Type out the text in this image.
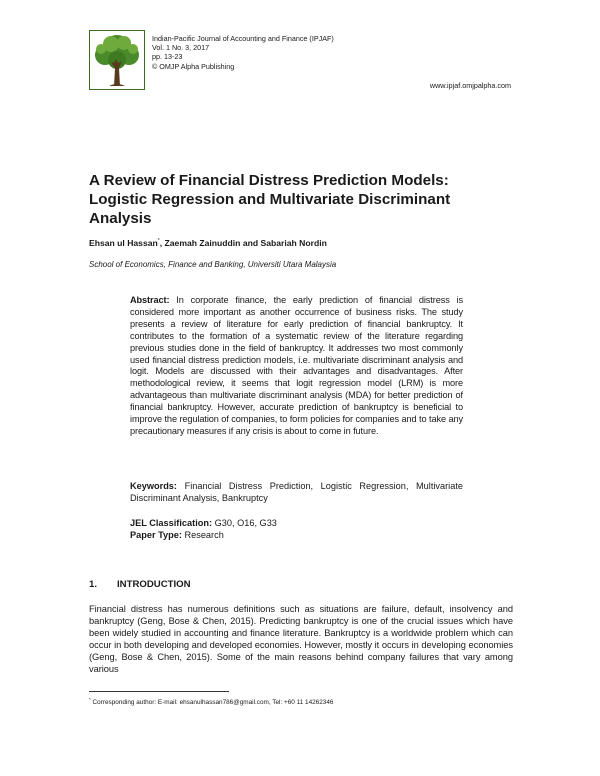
Indian-Pacific Journal of Accounting and Finance (IPJAF)
Vol. 1 No. 3, 2017
pp. 13-23
© OMJP Alpha Publishing
www.ipjaf.omjpalpha.com
A Review of Financial Distress Prediction Models:
Logistic Regression and Multivariate Discriminant
Analysis
Ehsan ul Hassan*, Zaemah Zainuddin and Sabariah Nordin
School of Economics, Finance and Banking, Universiti Utara Malaysia
Abstract: In corporate finance, the early prediction of financial distress is considered more important as another occurrence of business risks. The study presents a review of literature for early prediction of financial bankruptcy. It contributes to the formation of a systematic review of the literature regarding previous studies done in the field of bankruptcy. It addresses two most commonly used financial distress prediction models, i.e. multivariate discriminant analysis and logit. Models are discussed with their advantages and disadvantages. After methodological review, it seems that logit regression model (LRM) is more advantageous than multivariate discriminant analysis (MDA) for better prediction of financial bankruptcy. However, accurate prediction of bankruptcy is beneficial to improve the regulation of companies, to form policies for companies and to take any precautionary measures if any crisis is about to come in future.
Keywords: Financial Distress Prediction, Logistic Regression, Multivariate Discriminant Analysis, Bankruptcy
JEL Classification: G30, O16, G33
Paper Type: Research
1. INTRODUCTION
Financial distress has numerous definitions such as situations are failure, default, insolvency and bankruptcy (Geng, Bose & Chen, 2015). Predicting bankruptcy is one of the crucial issues which have been widely studied in accounting and finance literature. Bankruptcy is a worldwide problem which can occur in both developing and developed economies. However, mostly it occurs in developing economies (Geng, Bose & Chen, 2015). Some of the main reasons behind company failures that vary among various
* Corresponding author: E-mail: ehsanulhassan786@gmail.com, Tel: +60 11 14262346
